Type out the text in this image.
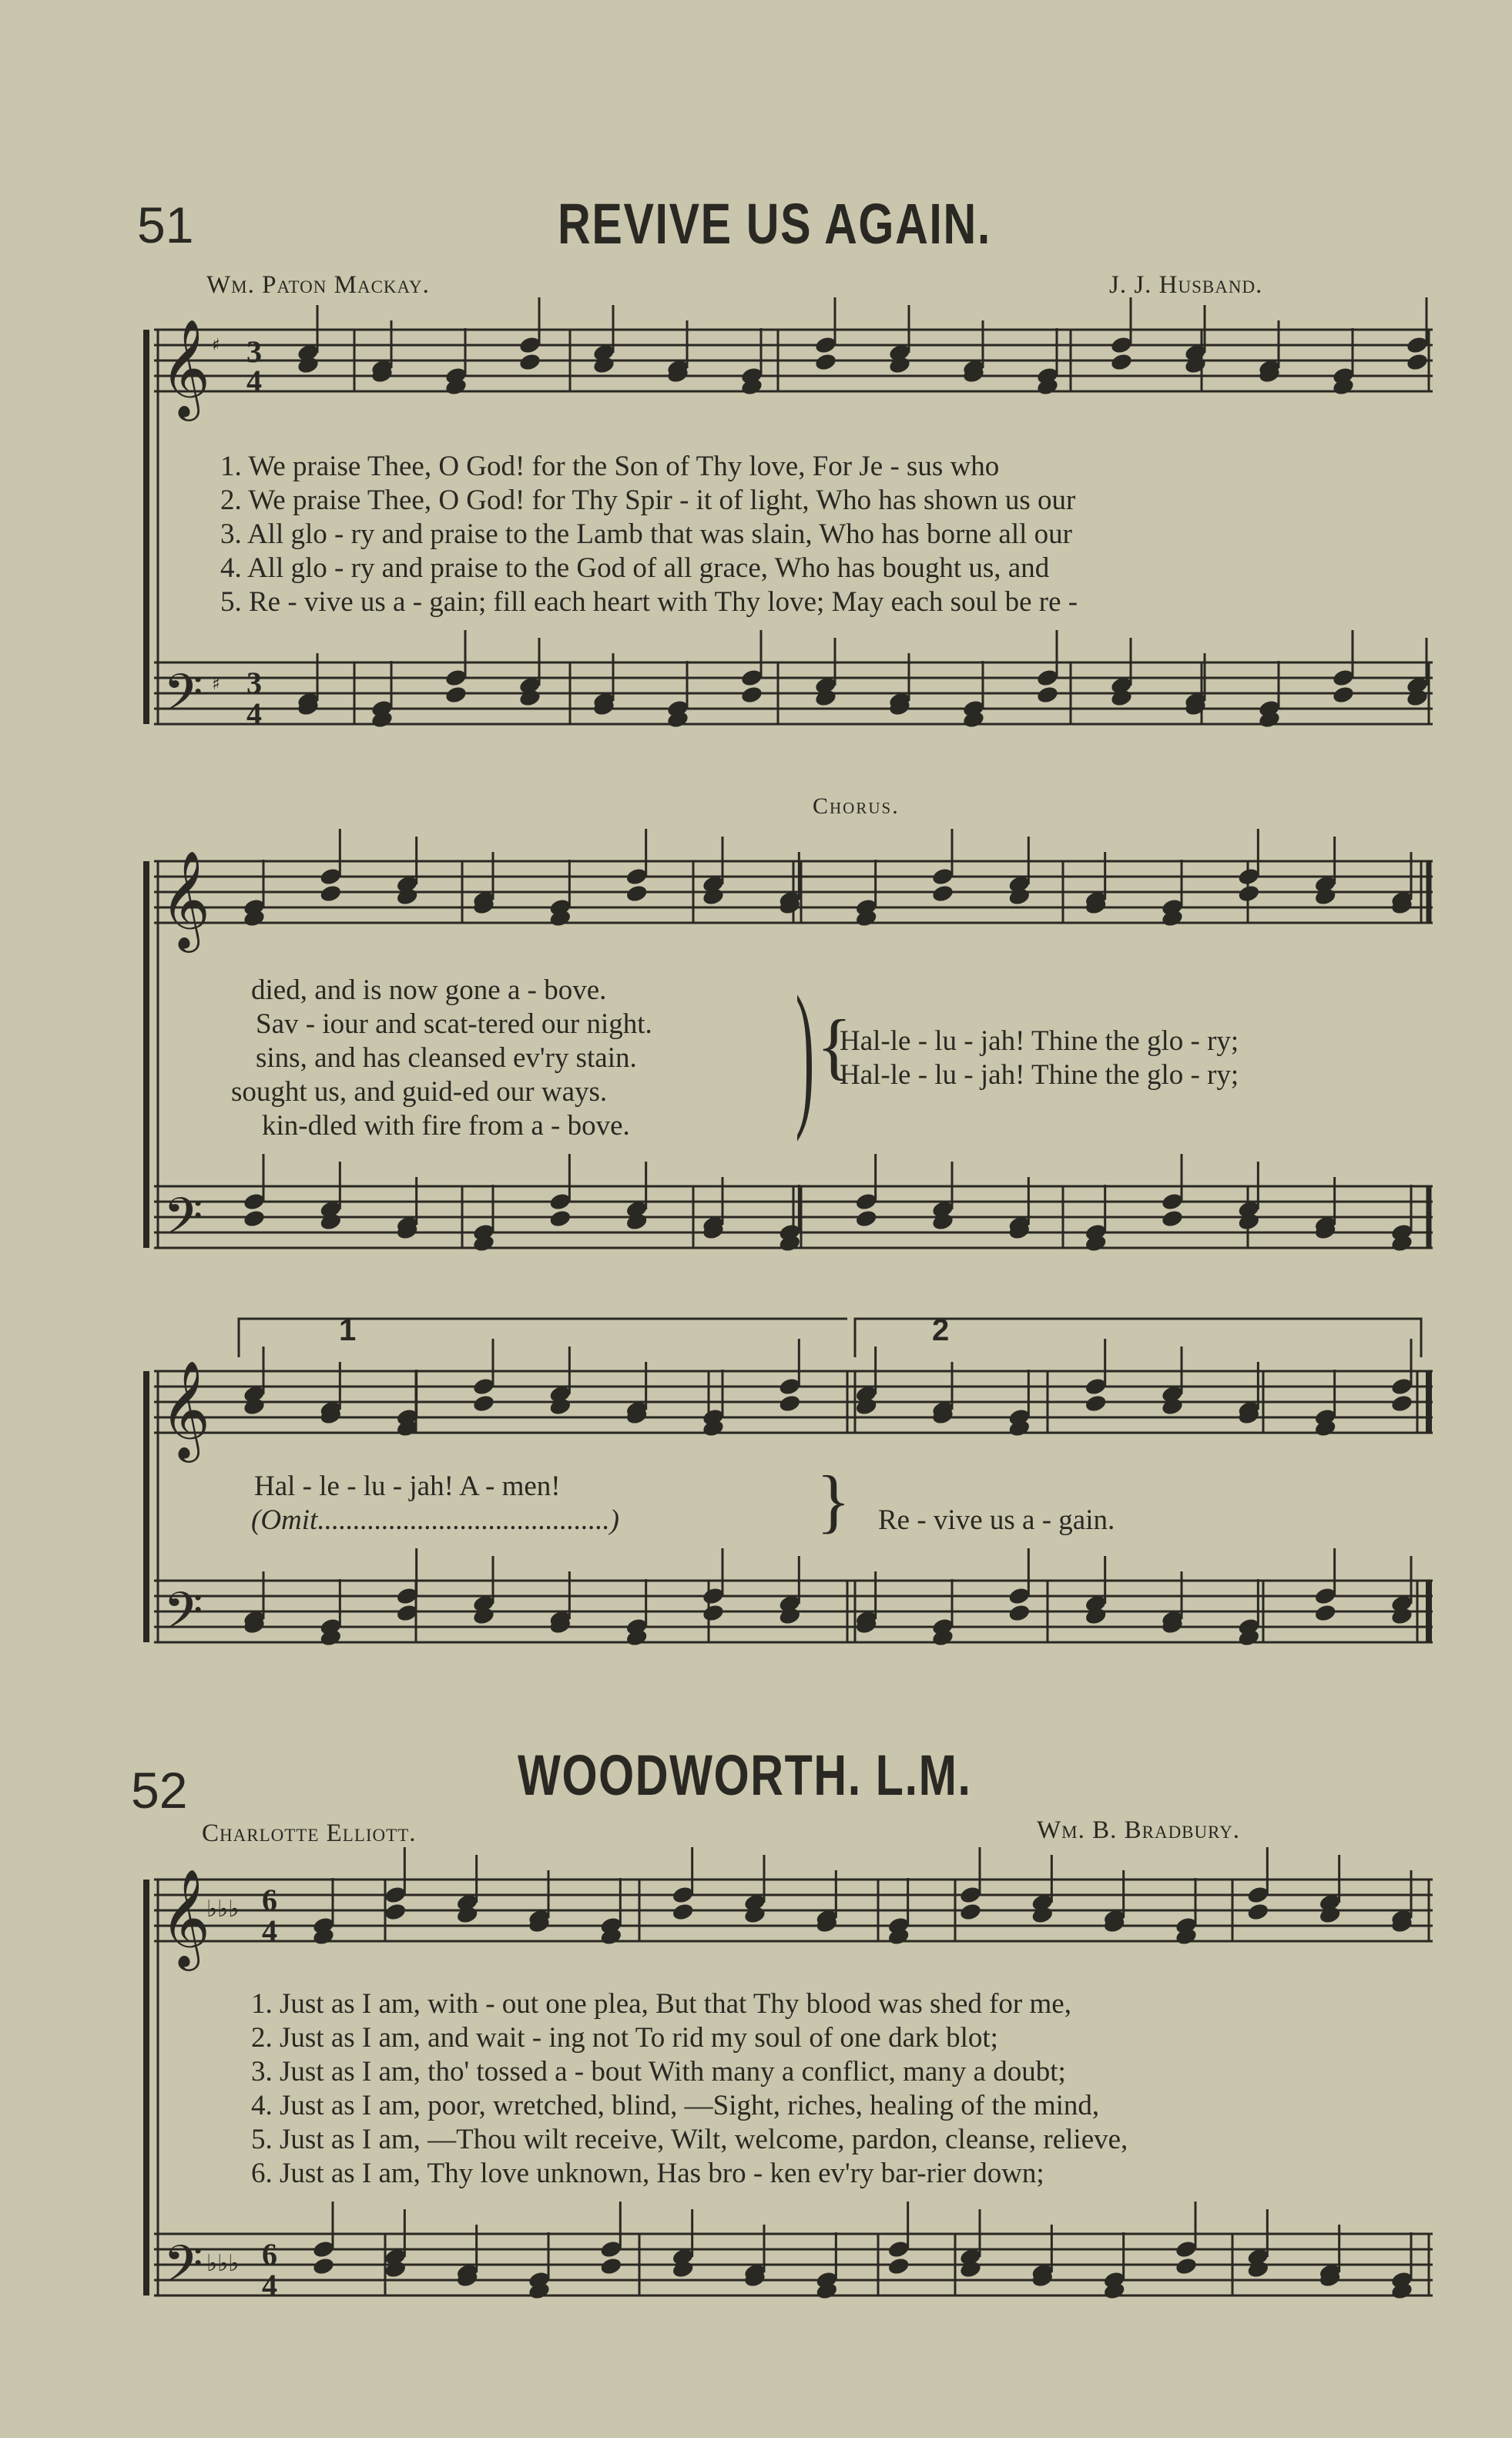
51	REVIVE US AGAIN.
Wm. Paton Mackay.	J. J. Husband.
𝄞
𝄢
𝄞
𝄢
𝄞
𝄢
𝄞
𝄢
♯
♯
3
4
3
4
♭♭♭
♭♭♭
6
4
6
4
1	2
1. We praise Thee, O God! for the Son of Thy love, For Je - sus who
2. We praise Thee, O God! for Thy Spir - it of light, Who has shown us our
3. All glo - ry and praise to the Lamb that was slain, Who has borne all our
4. All glo - ry and praise to the God of all grace, Who has bought us, and
5. Re - vive us a - gain; fill each heart with Thy love; May each soul be re -
Chorus.
died, and is now gone a - bove.
Sav - iour and scat-tered our night.
sins, and has cleansed ev'ry stain.
sought us, and guid-ed our ways.
kin-dled with fire from a - bove. ) {
Hal-le - lu - jah! Thine the glo - ry;
Hal-le - lu - jah! Thine the glo - ry;
Hal - le - lu - jah! A - men!
(Omit.........................................)	} Re - vive us a - gain.
52	WOODWORTH. L.M.
Charlotte Elliott.	Wm. B. Bradbury.
1. Just as I am, with - out one plea, But that Thy blood was shed for me,
2. Just as I am, and wait - ing not To rid my soul of one dark blot;
3. Just as I am, tho' tossed a - bout With many a conflict, many a doubt;
4. Just as I am, poor, wretched, blind, —Sight, riches, healing of the mind,
5. Just as I am, —Thou wilt receive, Wilt, welcome, pardon, cleanse, relieve,
6. Just as I am, Thy love unknown, Has bro - ken ev'ry bar-rier down;
